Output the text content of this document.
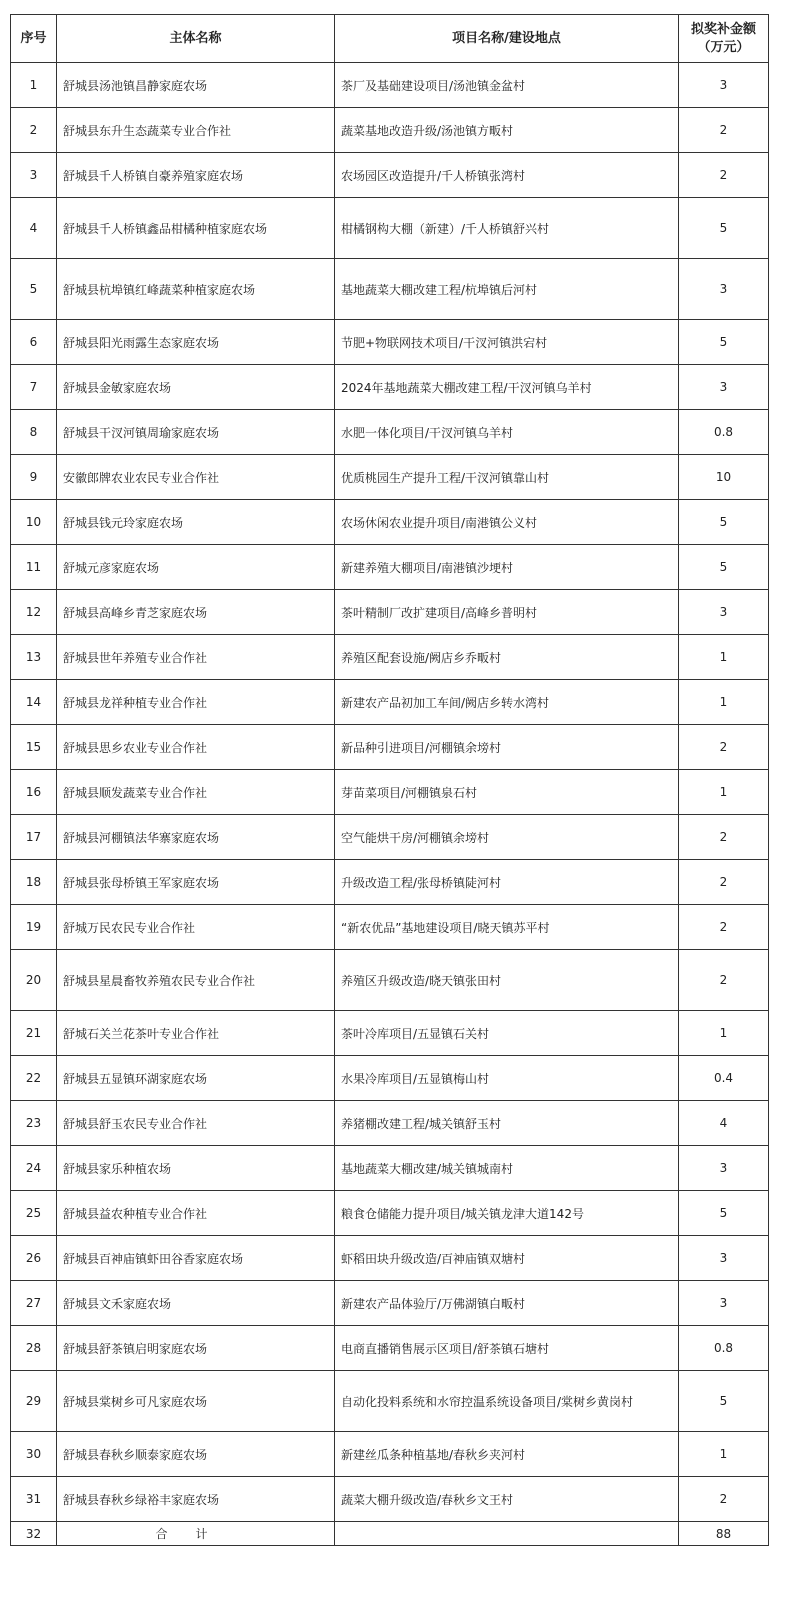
序号	主体名称	项目名称/建设地点	拟奖补金额
（万元）

1	舒城县汤池镇昌静家庭农场	茶厂及基础建设项目/汤池镇金盆村	3
2	舒城县东升生态蔬菜专业合作社	蔬菜基地改造升级/汤池镇方畈村	2
3	舒城县千人桥镇自豪养殖家庭农场	农场园区改造提升/千人桥镇张湾村	2
4	舒城县千人桥镇鑫品柑橘种植家庭农场	柑橘钢构大棚（新建）/千人桥镇舒兴村	5
5	舒城县杭埠镇红峰蔬菜种植家庭农场	基地蔬菜大棚改建工程/杭埠镇后河村	3
6	舒城县阳光雨露生态家庭农场	节肥+物联网技术项目/干汊河镇洪宕村	5
7	舒城县金敏家庭农场	2024年基地蔬菜大棚改建工程/干汊河镇乌羊村	3
8	舒城县干汊河镇周瑜家庭农场	水肥一体化项目/干汊河镇乌羊村	0.8
9	安徽郎牌农业农民专业合作社	优质桃园生产提升工程/干汊河镇靠山村	10
10	舒城县钱元玲家庭农场	农场休闲农业提升项目/南港镇公义村	5
11	舒城元彦家庭农场	新建养殖大棚项目/南港镇沙埂村	5
12	舒城县高峰乡青芝家庭农场	茶叶精制厂改扩建项目/高峰乡普明村	3
13	舒城县世年养殖专业合作社	养殖区配套设施/阙店乡乔畈村	1
14	舒城县龙祥种植专业合作社	新建农产品初加工车间/阙店乡转水湾村	1
15	舒城县思乡农业专业合作社	新品种引进项目/河棚镇余塝村	2
16	舒城县顺发蔬菜专业合作社	芽苗菜项目/河棚镇泉石村	1
17	舒城县河棚镇法华寨家庭农场	空气能烘干房/河棚镇余塝村	2
18	舒城县张母桥镇王军家庭农场	升级改造工程/张母桥镇陡河村	2
19	舒城万民农民专业合作社	“新农优品”基地建设项目/晓天镇苏平村	2
20	舒城县星晨畜牧养殖农民专业合作社	养殖区升级改造/晓天镇张田村	2
21	舒城石关兰花茶叶专业合作社	茶叶冷库项目/五显镇石关村	1
22	舒城县五显镇环湖家庭农场	水果冷库项目/五显镇梅山村	0.4
23	舒城县舒玉农民专业合作社	养猪棚改建工程/城关镇舒玉村	4
24	舒城县家乐种植农场	基地蔬菜大棚改建/城关镇城南村	3
25	舒城县益农种植专业合作社	粮食仓储能力提升项目/城关镇龙津大道142号	5
26	舒城县百神庙镇虾田谷香家庭农场	虾稻田块升级改造/百神庙镇双塘村	3
27	舒城县文禾家庭农场	新建农产品体验厅/万佛湖镇白畈村	3
28	舒城县舒茶镇启明家庭农场	电商直播销售展示区项目/舒茶镇石塘村	0.8
29	舒城县棠树乡可凡家庭农场	自动化投料系统和水帘控温系统设备项目/棠树乡黄岗村	5
30	舒城县春秋乡顺泰家庭农场	新建丝瓜条种植基地/春秋乡夹河村	1
31	舒城县春秋乡绿裕丰家庭农场	蔬菜大棚升级改造/春秋乡文王村	2
32	合计		88
